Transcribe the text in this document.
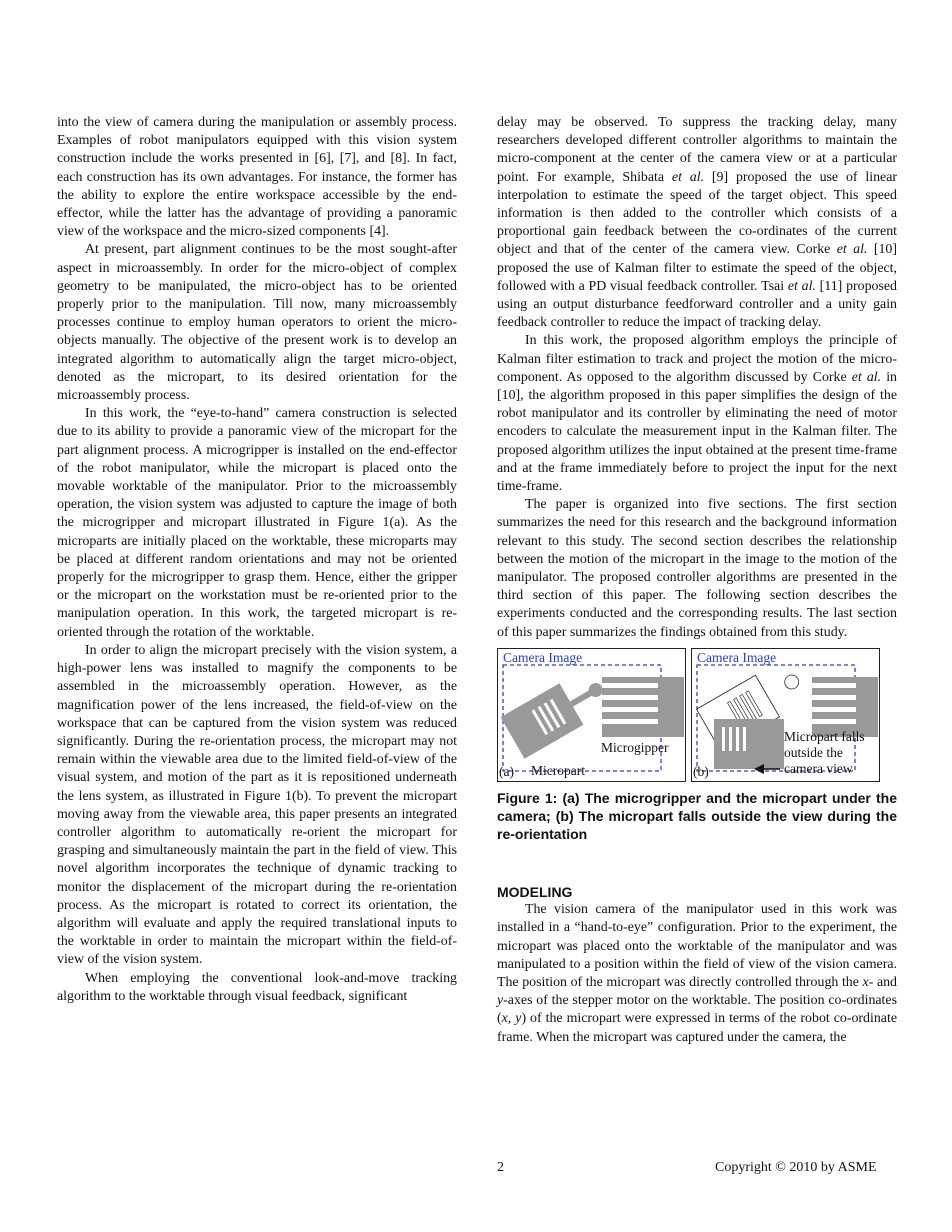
into the view of camera during the manipulation or assembly process. Examples of robot manipulators equipped with this vision system construction include the works presented in [6], [7], and [8]. In fact, each construction has its own advantages. For instance, the former has the ability to explore the entire workspace accessible by the end-effector, while the latter has the advantage of providing a panoramic view of the workspace and the micro-sized components [4].

At present, part alignment continues to be the most sought-after aspect in microassembly. In order for the micro-object of complex geometry to be manipulated, the micro-object has to be oriented properly prior to the manipulation. Till now, many microassembly processes continue to employ human operators to orient the micro-objects manually. The objective of the present work is to develop an integrated algorithm to automatically align the target micro-object, denoted as the micropart, to its desired orientation for the microassembly process.

In this work, the “eye-to-hand” camera construction is selected due to its ability to provide a panoramic view of the micropart for the part alignment process. A microgripper is installed on the end-effector of the robot manipulator, while the micropart is placed onto the movable worktable of the manipulator. Prior to the microassembly operation, the vision system was adjusted to capture the image of both the microgripper and micropart illustrated in Figure 1(a). As the microparts are initially placed on the worktable, these microparts may be placed at different random orientations and may not be oriented properly for the microgripper to grasp them. Hence, either the gripper or the micropart on the workstation must be re-oriented prior to the manipulation operation. In this work, the targeted micropart is re-oriented through the rotation of the worktable.

In order to align the micropart precisely with the vision system, a high-power lens was installed to magnify the components to be assembled in the microassembly operation. However, as the magnification power of the lens increased, the field-of-view on the workspace that can be captured from the vision system was reduced significantly. During the re-orientation process, the micropart may not remain within the viewable area due to the limited field-of-view of the visual system, and motion of the part as it is repositioned underneath the lens system, as illustrated in Figure 1(b). To prevent the micropart moving away from the viewable area, this paper presents an integrated controller algorithm to automatically re-orient the micropart for grasping and simultaneously maintain the part in the field of view. This novel algorithm incorporates the technique of dynamic tracking to monitor the displacement of the micropart during the re-orientation process. As the micropart is rotated to correct its orientation, the algorithm will evaluate and apply the required translational inputs to the worktable in order to maintain the micropart within the field-of-view of the vision system.

When employing the conventional look-and-move tracking algorithm to the worktable through visual feedback, significant

delay may be observed. To suppress the tracking delay, many researchers developed different controller algorithms to maintain the micro-component at the center of the camera view or at a particular point. For example, Shibata et al. [9] proposed the use of linear interpolation to estimate the speed of the target object. This speed information is then added to the controller which consists of a proportional gain feedback between the co-ordinates of the current object and that of the center of the camera view. Corke et al. [10] proposed the use of Kalman filter to estimate the speed of the object, followed with a PD visual feedback controller. Tsai et al. [11] proposed using an output disturbance feedforward controller and a unity gain feedback controller to reduce the impact of tracking delay.

In this work, the proposed algorithm employs the principle of Kalman filter estimation to track and project the motion of the micro-component. As opposed to the algorithm discussed by Corke et al. in [10], the algorithm proposed in this paper simplifies the design of the robot manipulator and its controller by eliminating the need of motor encoders to calculate the measurement input in the Kalman filter. The proposed algorithm utilizes the input obtained at the present time-frame and at the frame immediately before to project the input for the next time-frame.

The paper is organized into five sections. The first section summarizes the need for this research and the background information relevant to this study. The second section describes the relationship between the motion of the micropart in the image to the motion of the manipulator. The proposed controller algorithms are presented in the third section of this paper. The following section describes the experiments conducted and the corresponding results. The last section of this paper summarizes the findings obtained from this study.

Camera Image
Microgipper
(a) Micropart
Camera Image
Micropart falls outside the camera view
(b)

Figure 1: (a) The microgripper and the micropart under the camera; (b) The micropart falls outside the view during the re-orientation

MODELING

The vision camera of the manipulator used in this work was installed in a “hand-to-eye” configuration. Prior to the experiment, the micropart was placed onto the worktable of the manipulator and was manipulated to a position within the field of view of the vision camera. The position of the micropart was directly controlled through the x- and y-axes of the stepper motor on the worktable. The position co-ordinates (x, y) of the micropart were expressed in terms of the robot co-ordinate frame. When the micropart was captured under the camera, the

2	Copyright © 2010 by ASME
